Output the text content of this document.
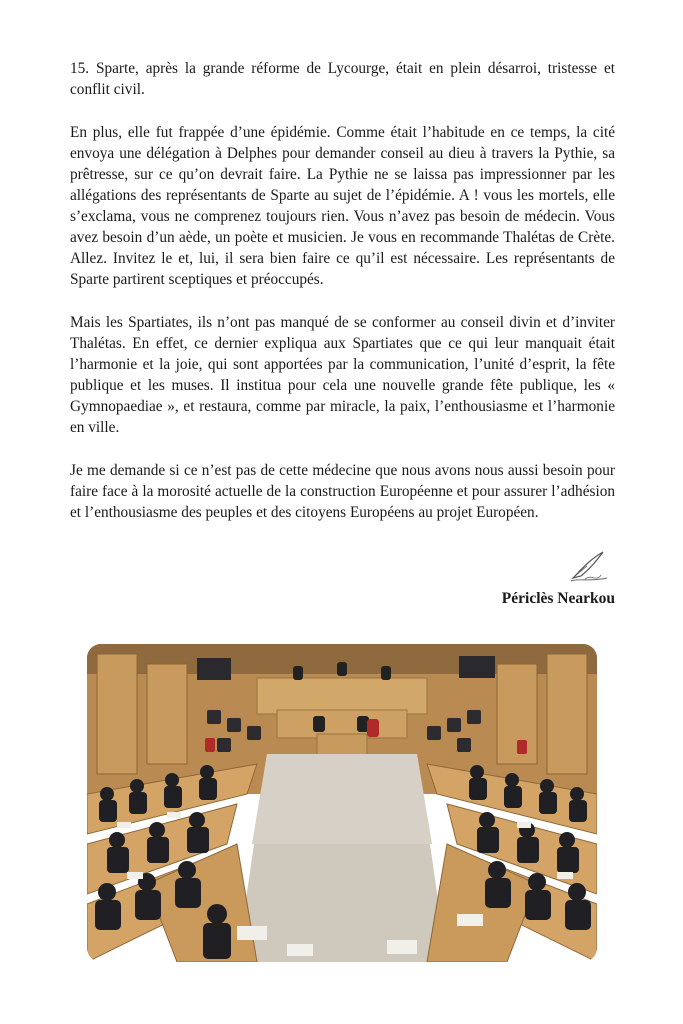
15. Sparte, après la grande réforme de Lycourge, était en plein désarroi, tristesse et conflit civil.

En plus, elle fut frappée d’une épidémie. Comme était l’habitude en ce temps, la cité envoya une délégation à Delphes pour demander conseil au dieu à travers la Pythie, sa prêtresse, sur ce qu’on devrait faire. La Pythie ne se laissa pas impressionner par les allégations des représentants de Sparte au sujet de l’épidémie. A ! vous les mortels, elle s’exclama, vous ne comprenez toujours rien. Vous n’avez pas besoin de médecin. Vous avez besoin d’un aède, un poète et musicien. Je vous en recommande Thalétas de Crète. Allez. Invitez le et, lui, il sera bien faire ce qu’il est nécessaire. Les représentants de Sparte partirent sceptiques et préoccupés.

Mais les Spartiates, ils n’ont pas manqué de se conformer au conseil divin et d’inviter Thalétas. En effet, ce dernier expliqua aux Spartiates que ce qui leur manquait était l’harmonie et la joie, qui sont apportées par la communication, l’unité d’esprit, la fête publique et les muses. Il institua pour cela une nouvelle grande fête publique, les « Gymnopaediae », et restaura, comme par miracle, la paix, l’enthousiasme et l’harmonie en ville.

Je me demande si ce n’est pas de cette médecine que nous avons nous aussi besoin pour faire face à la morosité actuelle de la construction Européenne et pour assurer l’adhésion et l’enthousiasme des peuples et des citoyens Européens au projet Européen.

Périclès Nearkou
